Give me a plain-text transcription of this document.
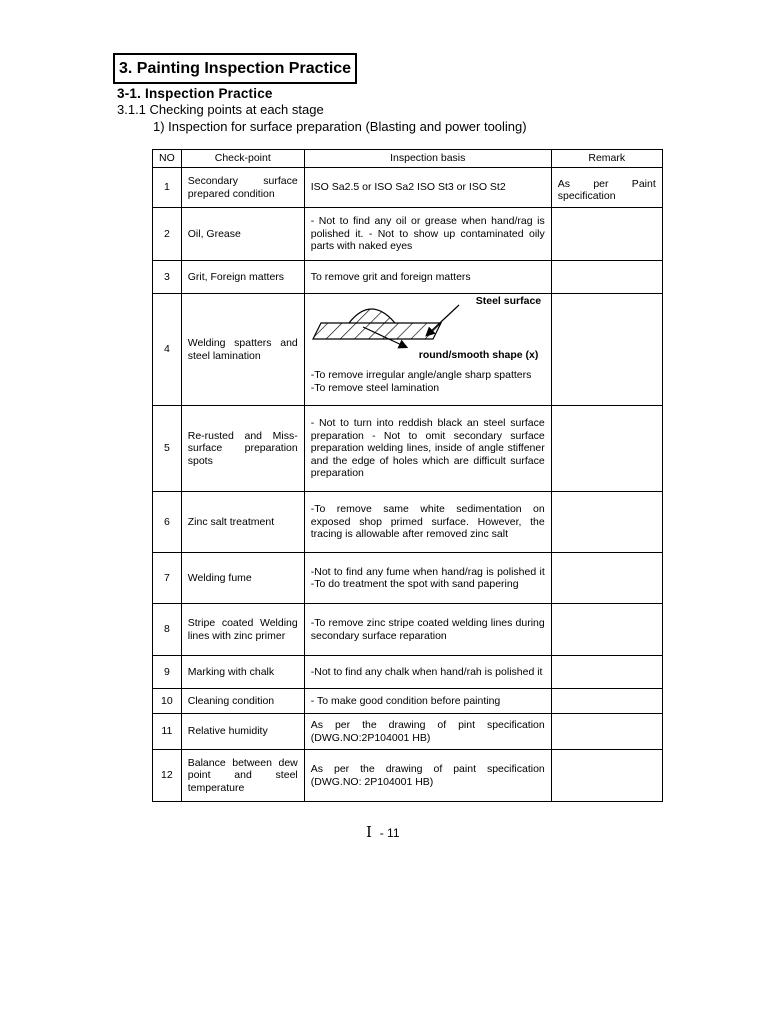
3. Painting Inspection Practice
3-1. Inspection Practice
3.1.1 Checking points at each stage
1) Inspection for surface preparation (Blasting and power tooling)
NO	Check-point	Inspection basis	Remark
1	Secondary surface prepared condition	ISO Sa2.5 or ISO Sa2 ISO St3 or ISO St2	As per Paint specification

2	Oil, Grease	- Not to find any oil or grease when hand/rag is polished it. - Not to show up contaminated oily parts with naked eyes	
3	Grit, Foreign matters	To remove grit and foreign matters	
4	Welding spatters and steel lamination	Steel surface
round/smooth shape (x)
-To remove irregular angle/angle sharp spatters
-To remove steel lamination	

5	Re-rusted and Miss-surface preparation spots	- Not to turn into reddish black an steel surface preparation - Not to omit secondary surface preparation welding lines, inside of angle stiffener and the edge of holes which are difficult surface preparation	
6	Zinc salt treatment	-To remove same white sedimentation on exposed shop primed surface. However, the tracing is allowable after removed zinc salt	
7	Welding fume	-Not to find any fume when hand/rag is polished it -To do treatment the spot with sand papering	
8	Stripe coated Welding lines with zinc primer	-To remove zinc stripe coated welding lines during secondary surface reparation	
9	Marking with chalk	-Not to find any chalk when hand/rah is polished it	
10	Cleaning condition	- To make good condition before painting	
11	Relative humidity	As per the drawing of pint specification (DWG.NO:2P104001 HB)	
12	Balance between dew point and steel temperature	As per the drawing of paint specification (DWG.NO: 2P104001 HB)	
Ⅰ - 11
